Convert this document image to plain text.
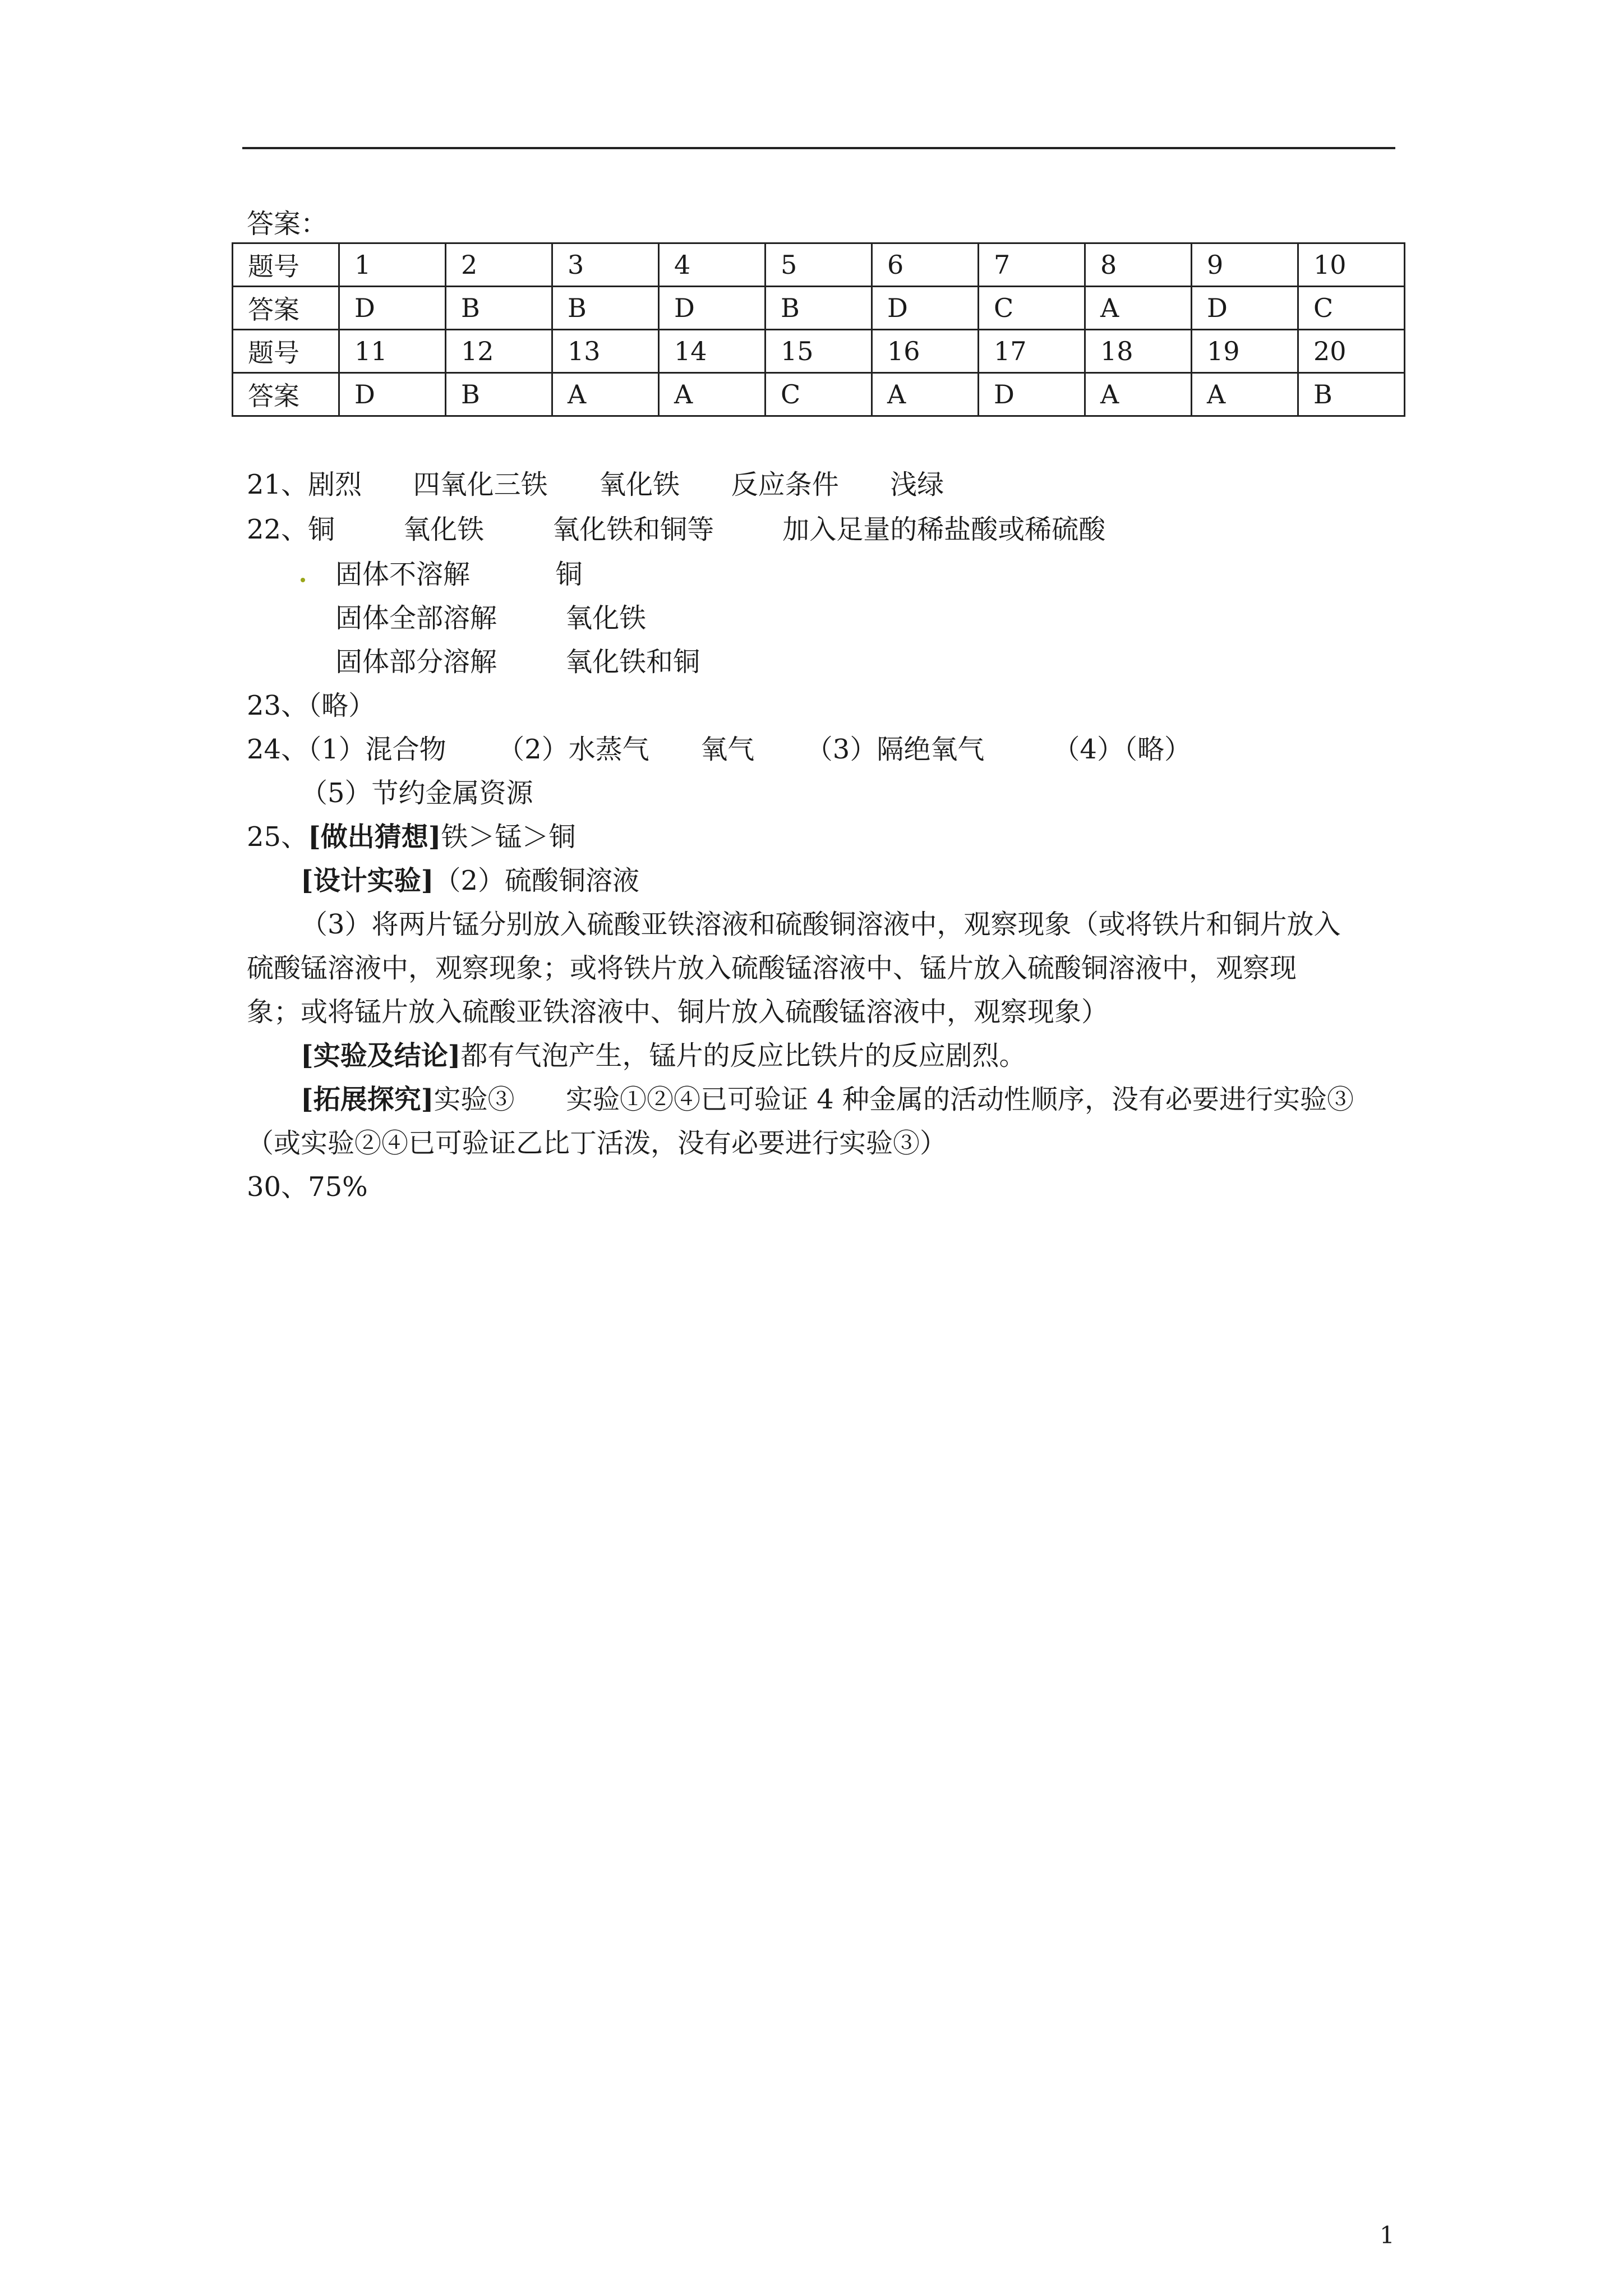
答案：
题号	1	2	3	4	5	6	7	8	9	10
答案	D	B	B	D	B	D	C	A	D	C
题号	11	12	13	14	15	16	17	18	19	20
答案	D	B	A	A	C	A	D	A	A	B
21、剧烈      四氧化三铁      氧化铁      反应条件      浅绿
22、铜        氧化铁        氧化铁和铜等        加入足量的稀盐酸或稀硫酸
固体不溶解          铜
固体全部溶解        氧化铁
固体部分溶解        氧化铁和铜
23、（略）
24、（1）混合物      （2）水蒸气      氧气      （3）隔绝氧气        （4）（略）
（5）节约金属资源
25、[做出猜想]铁＞锰＞铜
[设计实验]（2）硫酸铜溶液
（3）将两片锰分别放入硫酸亚铁溶液和硫酸铜溶液中，观察现象（或将铁片和铜片放入
硫酸锰溶液中，观察现象；或将铁片放入硫酸锰溶液中、锰片放入硫酸铜溶液中，观察现
象；或将锰片放入硫酸亚铁溶液中、铜片放入硫酸锰溶液中，观察现象）
[实验及结论]都有气泡产生，锰片的反应比铁片的反应剧烈。
[拓展探究]实验③      实验①②④已可验证 4 种金属的活动性顺序，没有必要进行实验③
（或实验②④已可验证乙比丁活泼，没有必要进行实验③）
30、75%
1
